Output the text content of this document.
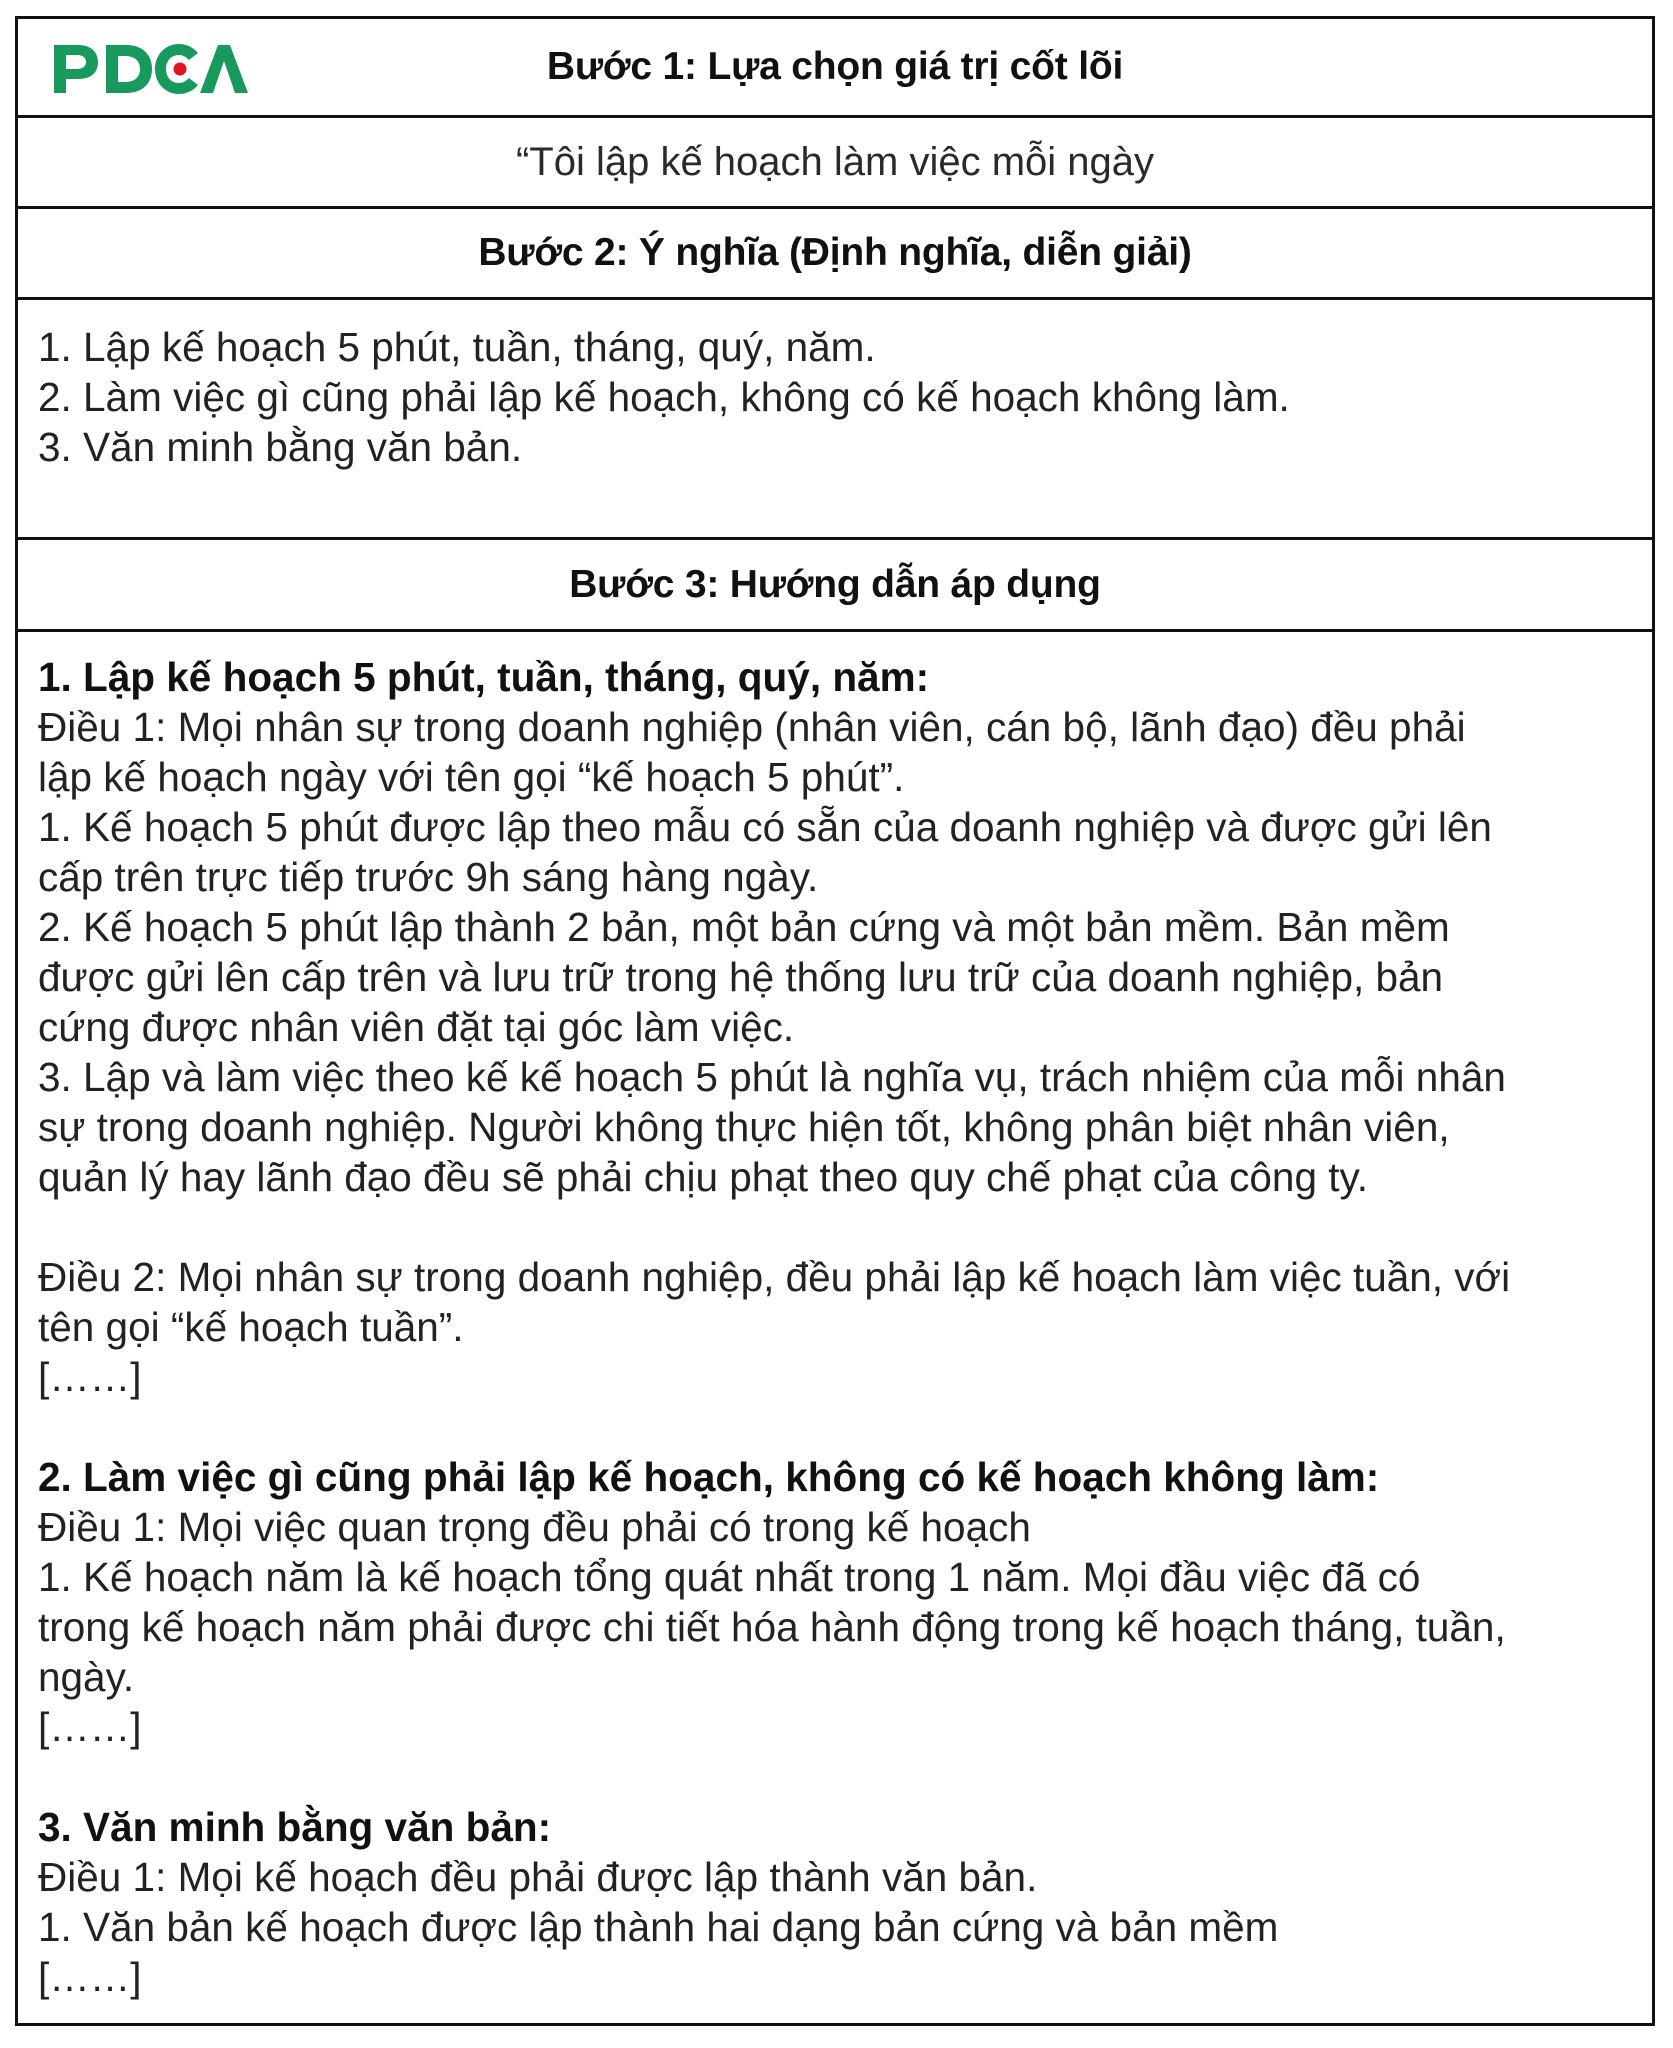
Bước 1: Lựa chọn giá trị cốt lõi
“Tôi lập kế hoạch làm việc mỗi ngày
Bước 2: Ý nghĩa (Định nghĩa, diễn giải)
1. Lập kế hoạch 5 phút, tuần, tháng, quý, năm.
2. Làm việc gì cũng phải lập kế hoạch, không có kế hoạch không làm.
3. Văn minh bằng văn bản.
Bước 3: Hướng dẫn áp dụng
1. Lập kế hoạch 5 phút, tuần, tháng, quý, năm:
Điều 1: Mọi nhân sự trong doanh nghiệp (nhân viên, cán bộ, lãnh đạo) đều phải
lập kế hoạch ngày với tên gọi “kế hoạch 5 phút”.
1. Kế hoạch 5 phút được lập theo mẫu có sẵn của doanh nghiệp và được gửi lên
cấp trên trực tiếp trước 9h sáng hàng ngày.
2. Kế hoạch 5 phút lập thành 2 bản, một bản cứng và một bản mềm. Bản mềm
được gửi lên cấp trên và lưu trữ trong hệ thống lưu trữ của doanh nghiệp, bản
cứng được nhân viên đặt tại góc làm việc.
3. Lập và làm việc theo kế kế hoạch 5 phút là nghĩa vụ, trách nhiệm của mỗi nhân
sự trong doanh nghiệp. Người không thực hiện tốt, không phân biệt nhân viên,
quản lý hay lãnh đạo đều sẽ phải chịu phạt theo quy chế phạt của công ty.
Điều 2: Mọi nhân sự trong doanh nghiệp, đều phải lập kế hoạch làm việc tuần, với
tên gọi “kế hoạch tuần”.
[……]
2. Làm việc gì cũng phải lập kế hoạch, không có kế hoạch không làm:
Điều 1: Mọi việc quan trọng đều phải có trong kế hoạch
1. Kế hoạch năm là kế hoạch tổng quát nhất trong 1 năm. Mọi đầu việc đã có
trong kế hoạch năm phải được chi tiết hóa hành động trong kế hoạch tháng, tuần,
ngày.
[……]
3. Văn minh bằng văn bản:
Điều 1: Mọi kế hoạch đều phải được lập thành văn bản.
1. Văn bản kế hoạch được lập thành hai dạng bản cứng và bản mềm
[……]
